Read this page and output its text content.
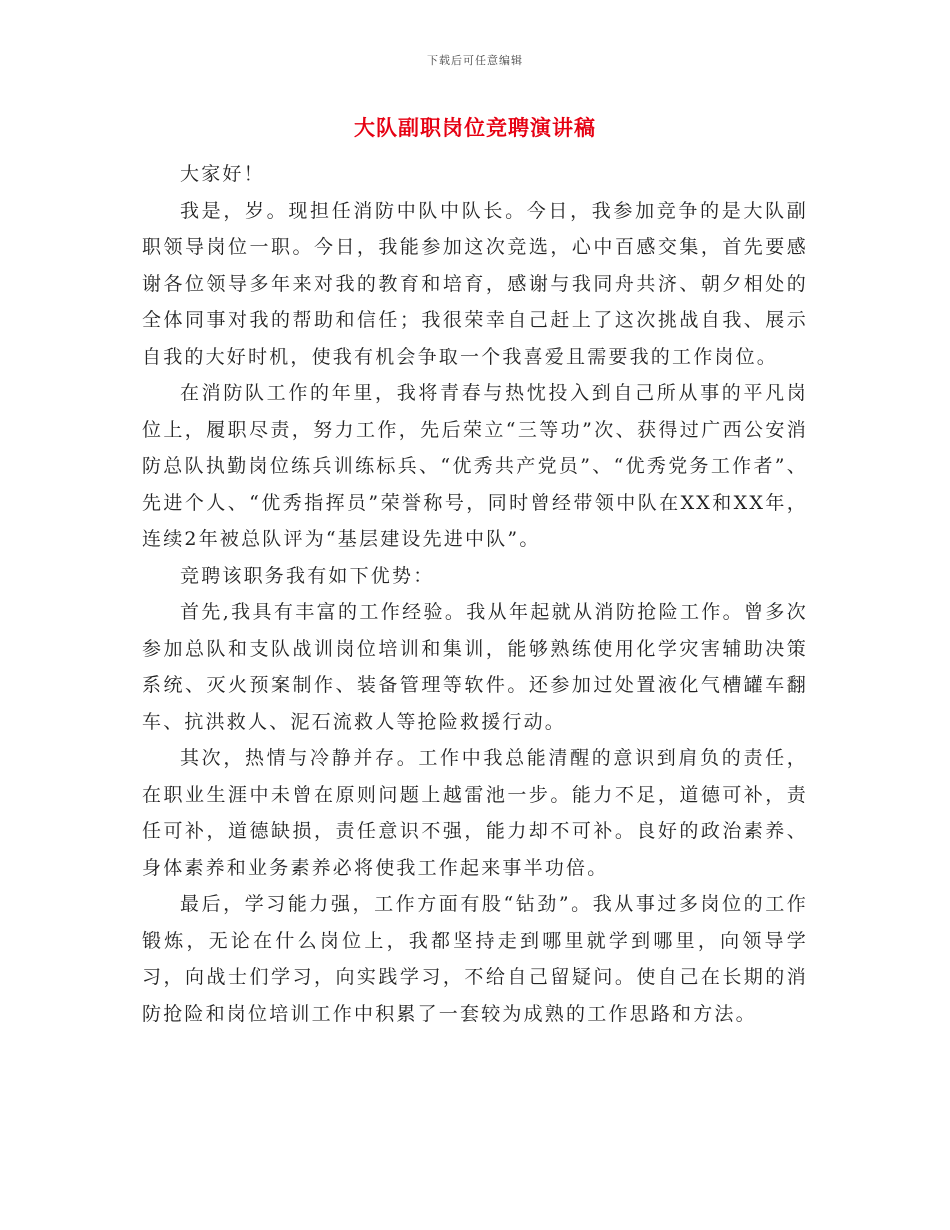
下载后可任意编辑
大队副职岗位竞聘演讲稿

大家好！

我是，岁。现担任消防中队中队长。今日，我参加竞争的是大队副职领导岗位一职。今日，我能参加这次竞选，心中百感交集，首先要感谢各位领导多年来对我的教育和培育，感谢与我同舟共济、朝夕相处的全体同事对我的帮助和信任；我很荣幸自己赶上了这次挑战自我、展示自我的大好时机，使我有机会争取一个我喜爱且需要我的工作岗位。

在消防队工作的年里，我将青春与热忱投入到自己所从事的平凡岗位上，履职尽责，努力工作，先后荣立“三等功”次、获得过广西公安消防总队执勤岗位练兵训练标兵、“优秀共产党员”、“优秀党务工作者”、先进个人、“优秀指挥员”荣誉称号，同时曾经带领中队在XX和XX年，连续2年被总队评为“基层建设先进中队”。

竞聘该职务我有如下优势：

首先,我具有丰富的工作经验。我从年起就从消防抢险工作。曾多次参加总队和支队战训岗位培训和集训，能够熟练使用化学灾害辅助决策系统、灭火预案制作、装备管理等软件。还参加过处置液化气槽罐车翻车、抗洪救人、泥石流救人等抢险救援行动。

其次，热情与冷静并存。工作中我总能清醒的意识到肩负的责任，在职业生涯中未曾在原则问题上越雷池一步。能力不足，道德可补，责任可补，道德缺损，责任意识不强，能力却不可补。良好的政治素养、身体素养和业务素养必将使我工作起来事半功倍。

最后，学习能力强，工作方面有股“钻劲”。我从事过多岗位的工作锻炼，无论在什么岗位上，我都坚持走到哪里就学到哪里，向领导学习，向战士们学习，向实践学习，不给自己留疑问。使自己在长期的消防抢险和岗位培训工作中积累了一套较为成熟的工作思路和方法。
